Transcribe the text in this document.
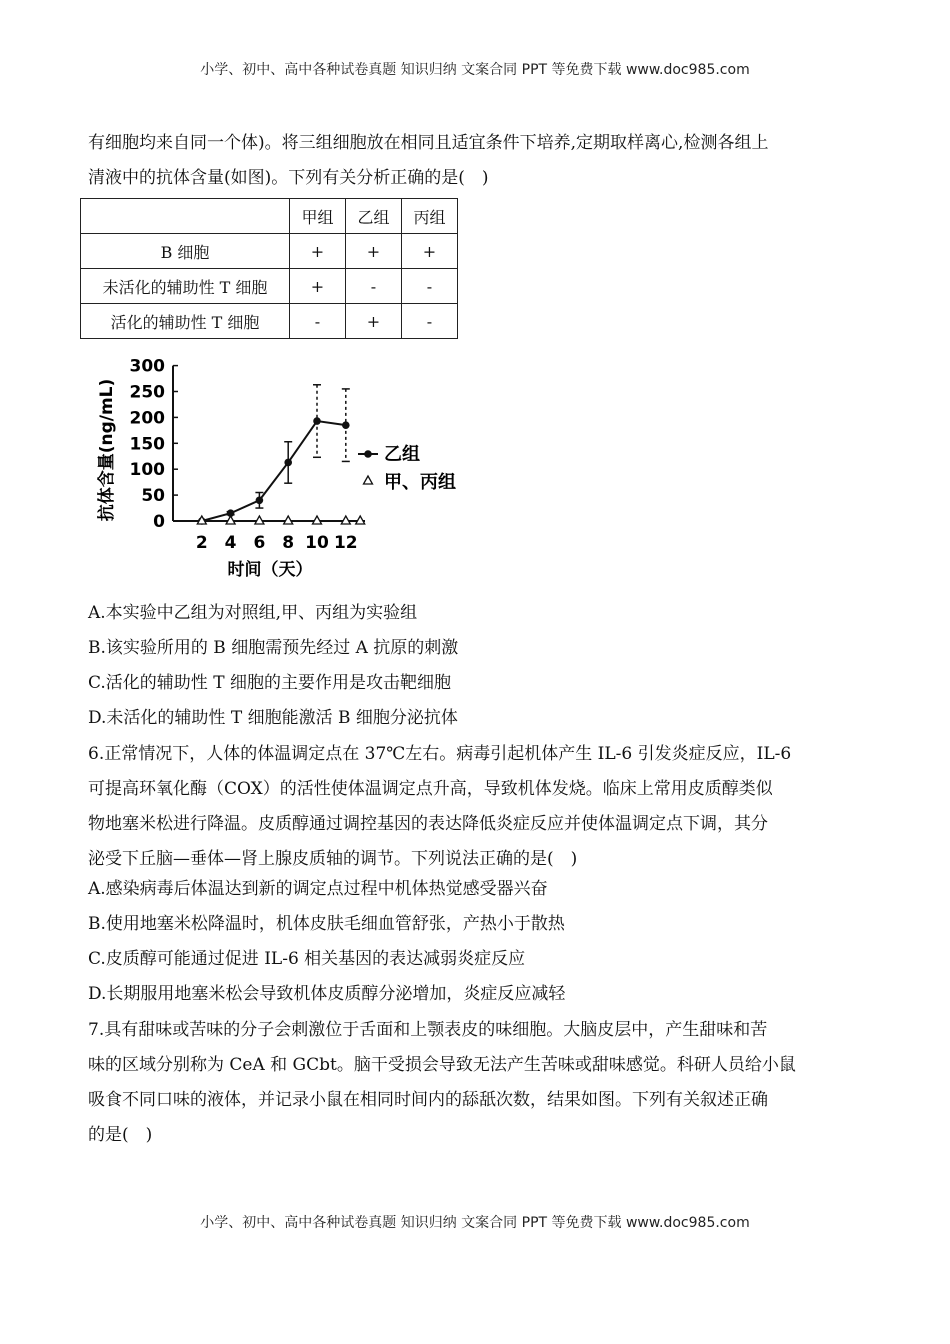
小学、初中、高中各种试卷真题 知识归纳 文案合同 PPT 等免费下载 www.doc985.com
有细胞均来自同一个体)。将三组细胞放在相同且适宜条件下培养,定期取样离心,检测各组上
清液中的抗体含量(如图)。下列有关分析正确的是(　)
	甲组	乙组	丙组
B 细胞	+	+	+
未活化的辅助性 T 细胞	+	-	-
活化的辅助性 T 细胞	-	+	-
抗体含量(ng/mL)
时间（天）
0
50
100
150
200
250
300
2 4 6 8 10 12
乙组
甲、丙组
A.本实验中乙组为对照组,甲、丙组为实验组
B.该实验所用的 B 细胞需预先经过 A 抗原的刺激
C.活化的辅助性 T 细胞的主要作用是攻击靶细胞
D.未活化的辅助性 T 细胞能激活 B 细胞分泌抗体
6.正常情况下，人体的体温调定点在 37℃左右。病毒引起机体产生 IL-6 引发炎症反应，IL-6
可提高环氧化酶（COX）的活性使体温调定点升高，导致机体发烧。临床上常用皮质醇类似
物地塞米松进行降温。皮质醇通过调控基因的表达降低炎症反应并使体温调定点下调，其分
泌受下丘脑—垂体—肾上腺皮质轴的调节。下列说法正确的是(　)
A.感染病毒后体温达到新的调定点过程中机体热觉感受器兴奋
B.使用地塞米松降温时，机体皮肤毛细血管舒张，产热小于散热
C.皮质醇可能通过促进 IL-6 相关基因的表达减弱炎症反应
D.长期服用地塞米松会导致机体皮质醇分泌增加，炎症反应减轻
7.具有甜味或苦味的分子会刺激位于舌面和上颚表皮的味细胞。大脑皮层中，产生甜味和苦
味的区域分别称为 CeA 和 GCbt。脑干受损会导致无法产生苦味或甜味感觉。科研人员给小鼠
吸食不同口味的液体，并记录小鼠在相同时间内的舔舐次数，结果如图。下列有关叙述正确
的是(　)
小学、初中、高中各种试卷真题 知识归纳 文案合同 PPT 等免费下载 www.doc985.com
